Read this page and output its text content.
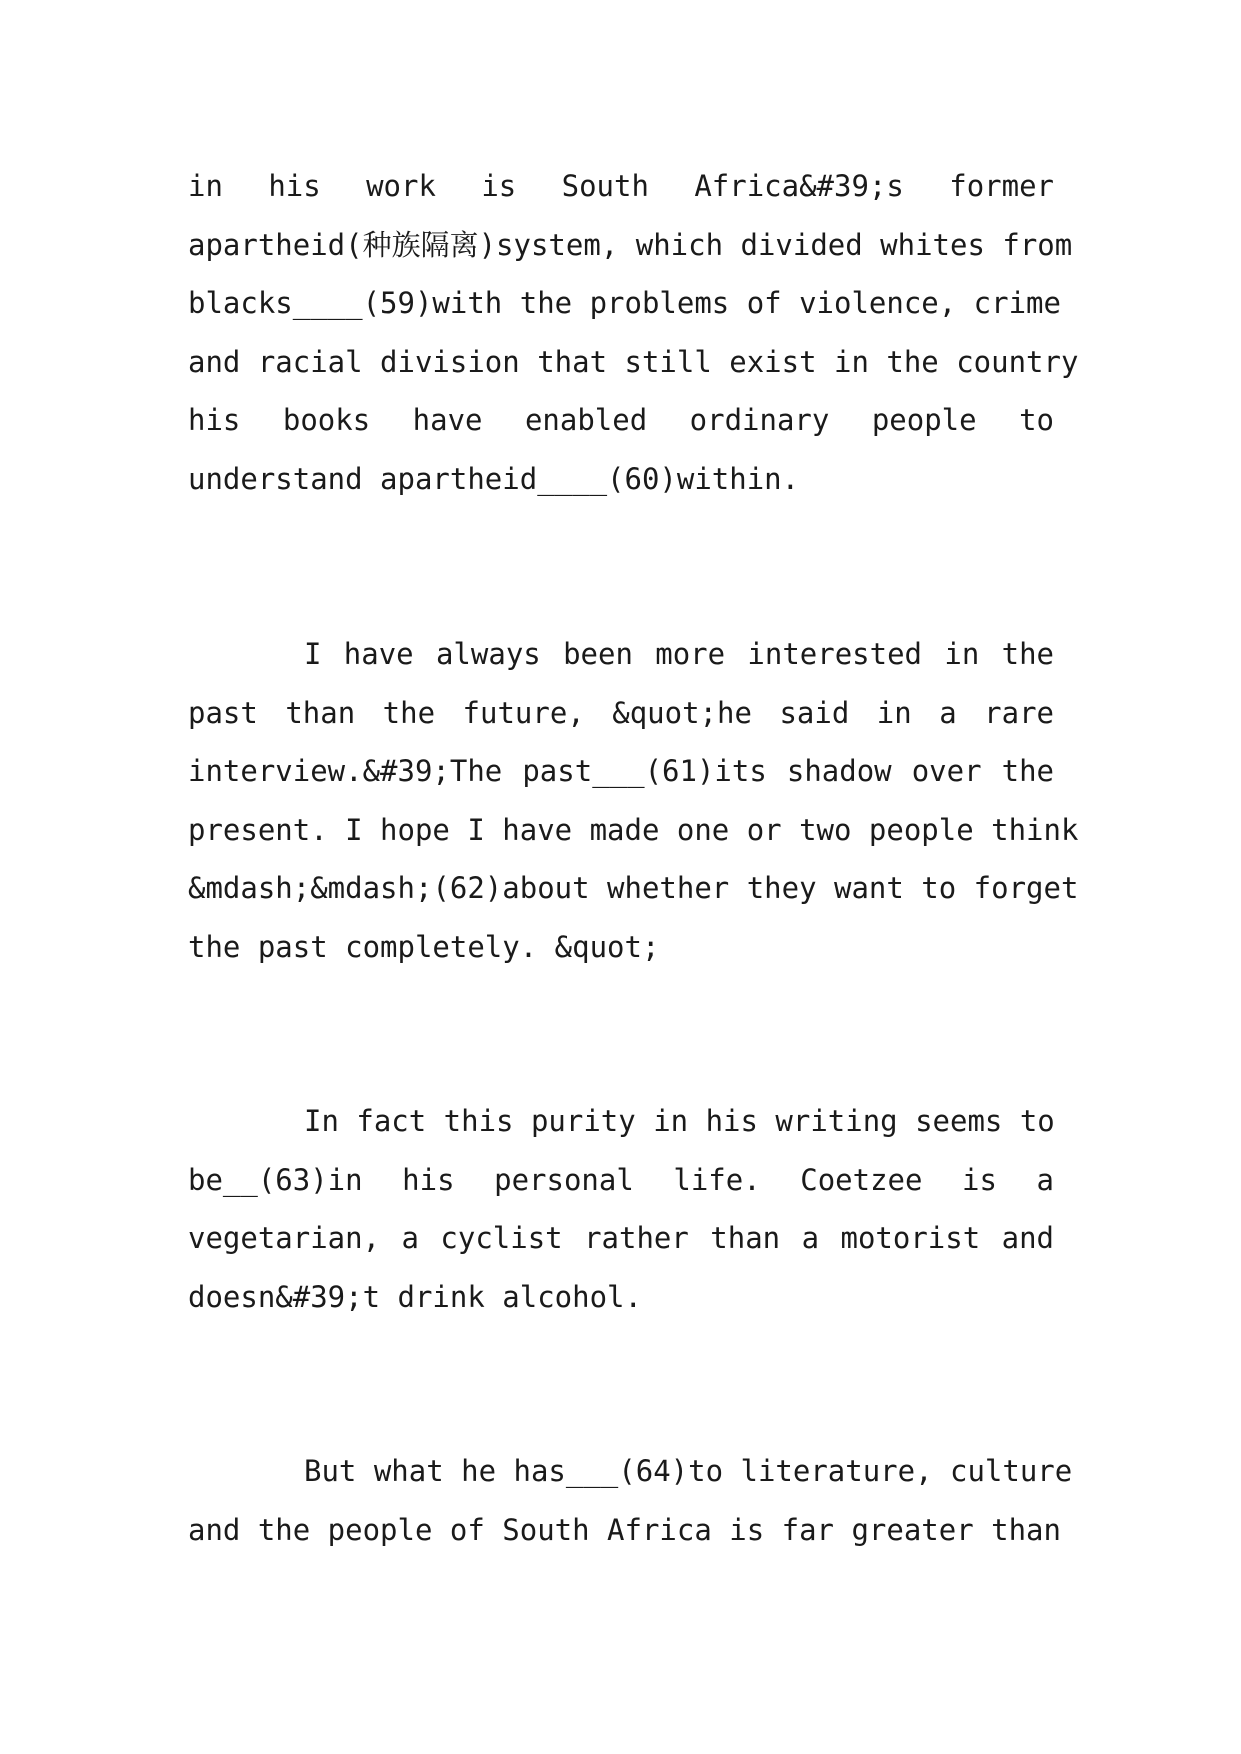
in his work is South Africa&#39;s former
apartheid(种族隔离)system, which divided whites from
blacks____(59)with the problems of violence, crime
and racial division that still exist in the country
his books have enabled ordinary people to
understand apartheid____(60)within.
I have always been more interested in the
past than the future, &quot;he said in a rare
interview.&#39;The past___(61)its shadow over the
present. I hope I have made one or two people think
&mdash;&mdash;(62)about whether they want to forget
the past completely. &quot;
In fact this purity in his writing seems to
be__(63)in his personal life. Coetzee is a
vegetarian, a cyclist rather than a motorist and
doesn&#39;t drink alcohol.
But what he has___(64)to literature, culture
and the people of South Africa is far greater than
